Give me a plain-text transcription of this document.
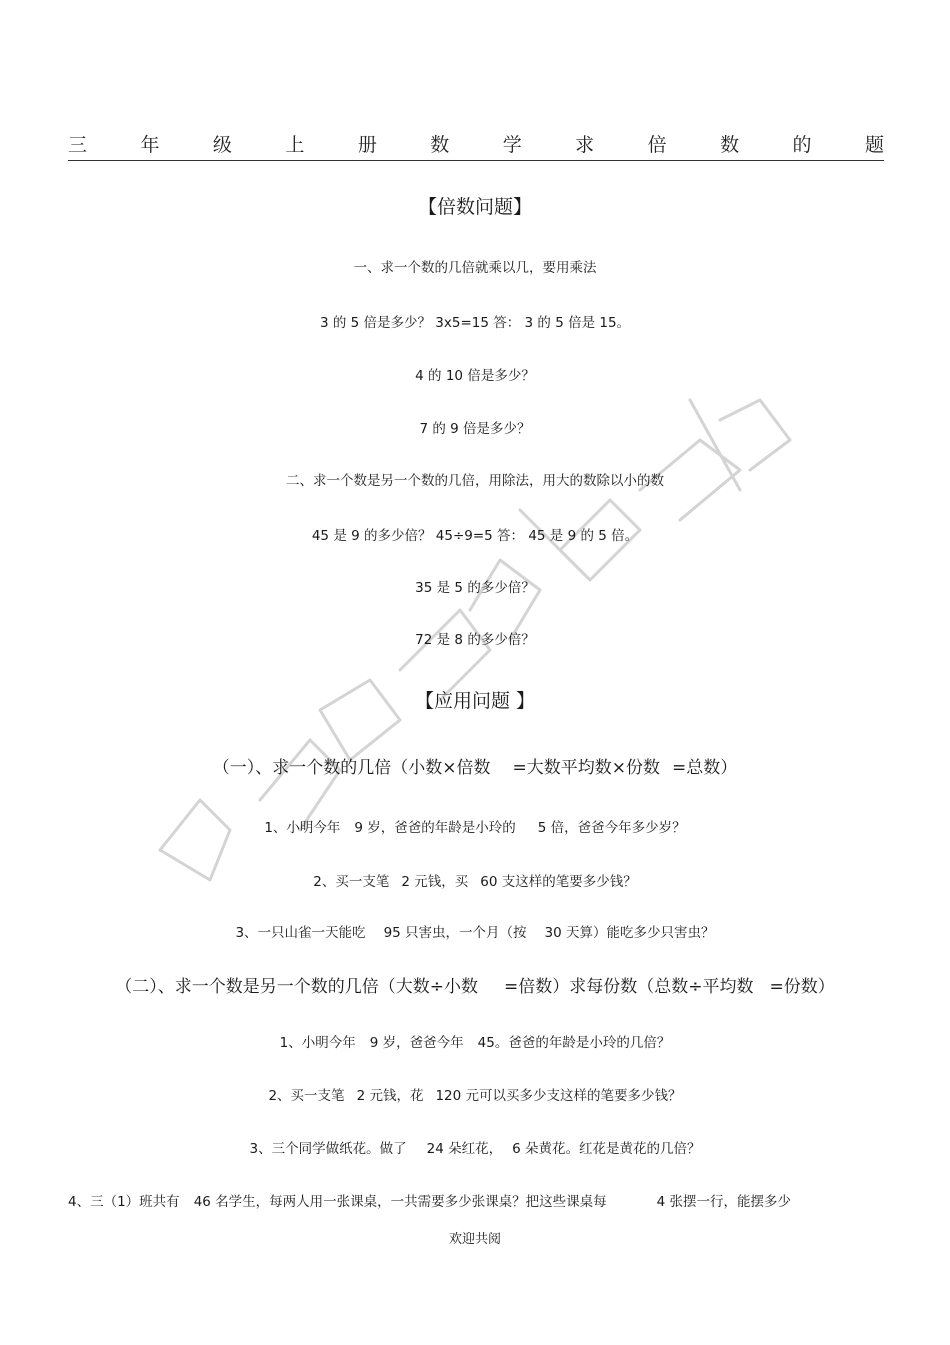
三	年	级	上	册	数	学	求	倍	数	的	题
【倍数问题】
一、求一个数的几倍就乘以几，要用乘法
3 的 5 倍是多少？ 3x5=15 答： 3 的 5 倍是 15。
4 的 10 倍是多少？
7 的 9 倍是多少？
二、求一个数是另一个数的几倍，用除法，用大的数除以小的数
45 是 9 的多少倍？ 45÷9=5 答： 45 是 9 的 5 倍。
35 是 5 的多少倍？
72 是 8 的多少倍？
【应用问题 】
（一）、求一个数的几倍（小数×倍数 =大数平均数×份数 =总数）
1、小明今年 9 岁，爸爸的年龄是小玲的 5 倍，爸爸今年多少岁？
2、买一支笔 2 元钱，买 60 支这样的笔要多少钱？
3、一只山雀一天能吃 95 只害虫，一个月（按 30 天算）能吃多少只害虫？
（二）、求一个数是另一个数的几倍（大数÷小数 =倍数）求每份数（总数÷平均数 =份数）
1、小明今年 9 岁，爸爸今年 45。爸爸的年龄是小玲的几倍？
2、买一支笔 2 元钱，花 120 元可以买多少支这样的笔要多少钱？
3、三个同学做纸花。做了 24 朵红花， 6 朵黄花。红花是黄花的几倍？
4、三（1）班共有 46 名学生，每两人用一张课桌，一共需要多少张课桌？把这些课桌每	4 张摆一行，能摆多少
欢迎共阅
